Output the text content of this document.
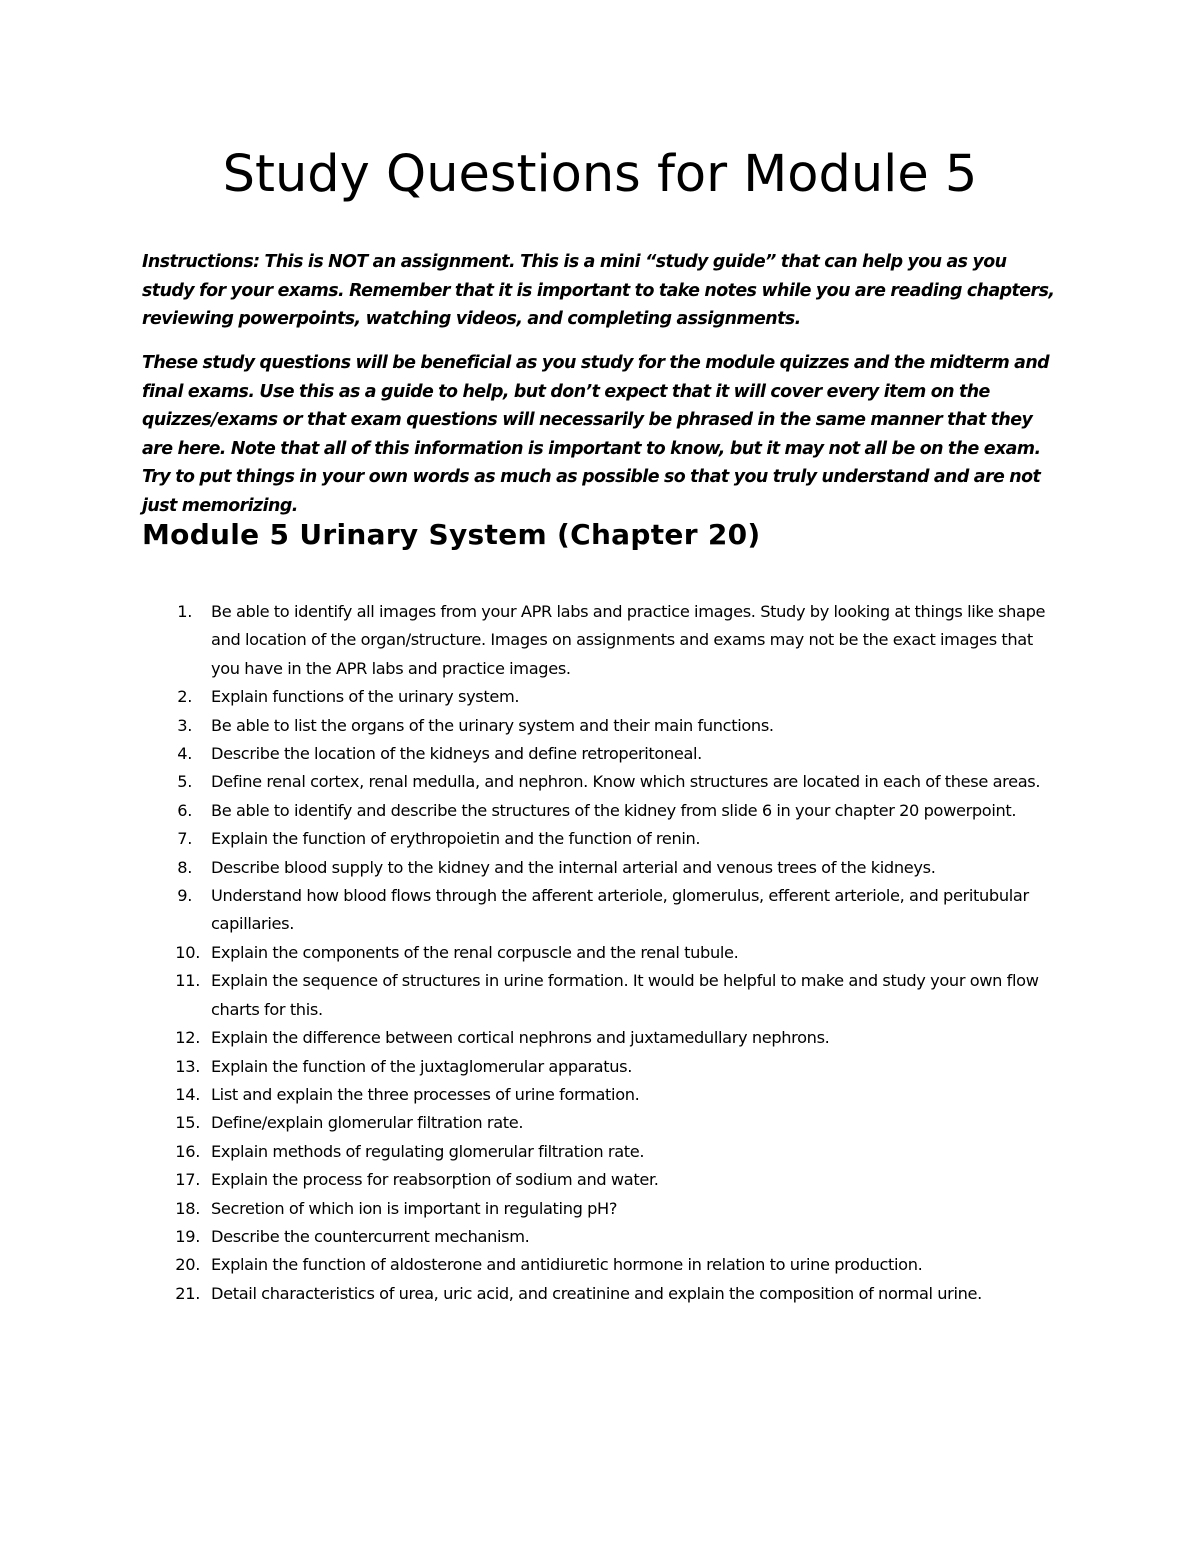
Study Questions for Module 5

Instructions: This is NOT an assignment. This is a mini “study guide” that can help you as you study for your exams. Remember that it is important to take notes while you are reading chapters, reviewing powerpoints, watching videos, and completing assignments.

These study questions will be beneficial as you study for the module quizzes and the midterm and final exams. Use this as a guide to help, but don’t expect that it will cover every item on the quizzes/exams or that exam questions will necessarily be phrased in the same manner that they are here. Note that all of this information is important to know, but it may not all be on the exam. Try to put things in your own words as much as possible so that you truly understand and are not just memorizing.

Module 5 Urinary System (Chapter 20)
1. Be able to identify all images from your APR labs and practice images. Study by looking at things like shape and location of the organ/structure. Images on assignments and exams may not be the exact images that you have in the APR labs and practice images.
2. Explain functions of the urinary system.
3. Be able to list the organs of the urinary system and their main functions.
4. Describe the location of the kidneys and define retroperitoneal.
5. Define renal cortex, renal medulla, and nephron. Know which structures are located in each of these areas.
6. Be able to identify and describe the structures of the kidney from slide 6 in your chapter 20 powerpoint.
7. Explain the function of erythropoietin and the function of renin.
8. Describe blood supply to the kidney and the internal arterial and venous trees of the kidneys.
9. Understand how blood flows through the afferent arteriole, glomerulus, efferent arteriole, and peritubular capillaries.
10. Explain the components of the renal corpuscle and the renal tubule.
11. Explain the sequence of structures in urine formation. It would be helpful to make and study your own flow charts for this.
12. Explain the difference between cortical nephrons and juxtamedullary nephrons.
13. Explain the function of the juxtaglomerular apparatus.
14. List and explain the three processes of urine formation.
15. Define/explain glomerular filtration rate.
16. Explain methods of regulating glomerular filtration rate.
17. Explain the process for reabsorption of sodium and water.
18. Secretion of which ion is important in regulating pH?
19. Describe the countercurrent mechanism.
20. Explain the function of aldosterone and antidiuretic hormone in relation to urine production.
21. Detail characteristics of urea, uric acid, and creatinine and explain the composition of normal urine.
